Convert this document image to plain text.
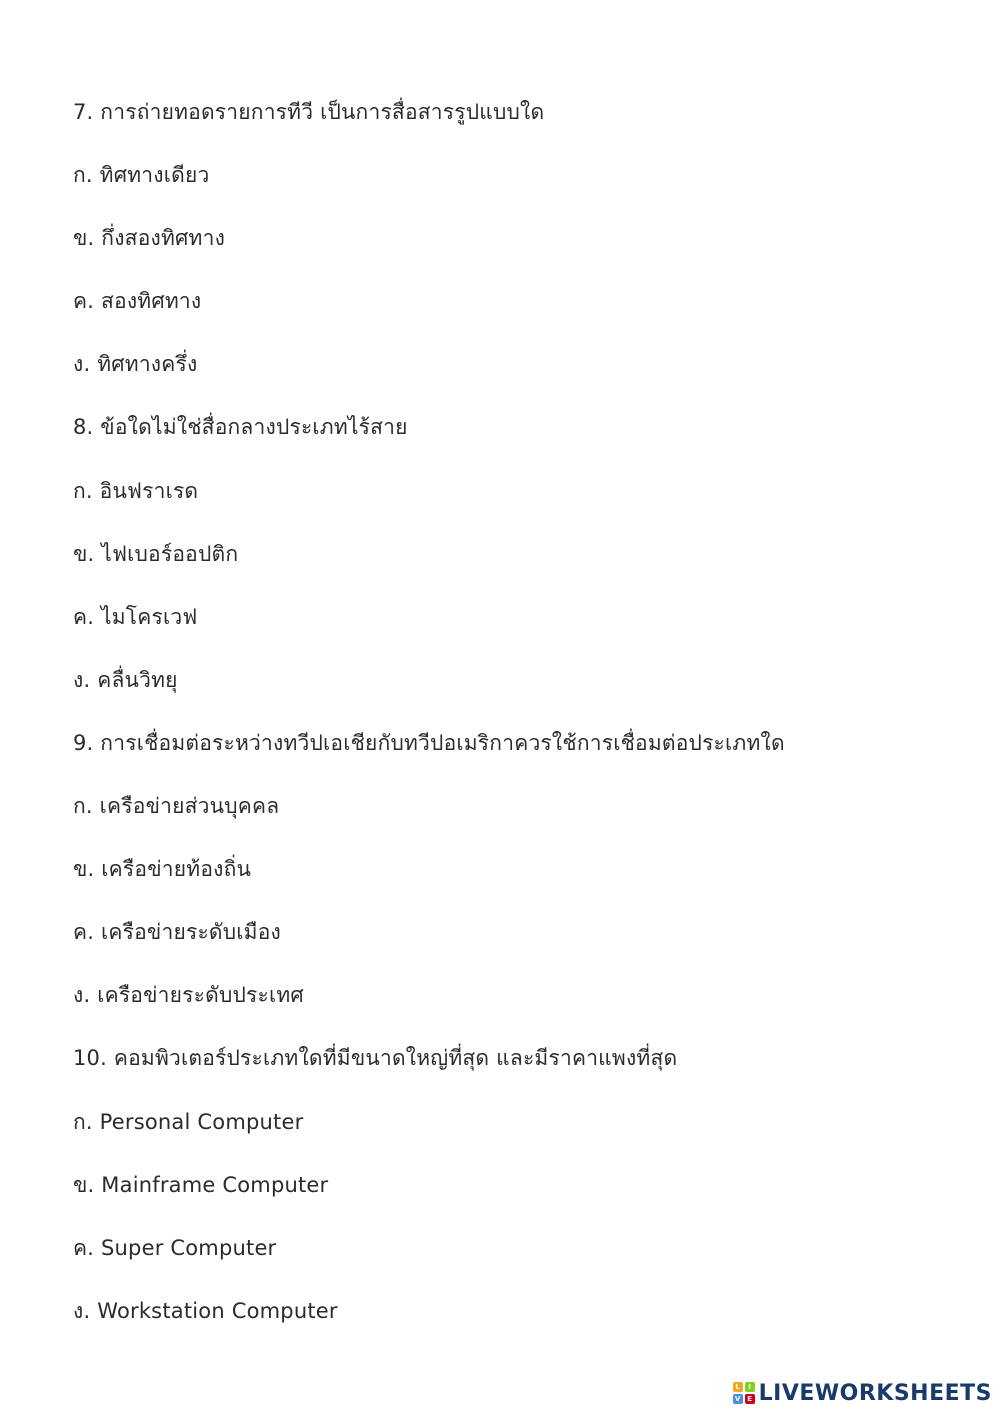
7. การถ่ายทอดรายการทีวี เป็นการสื่อสารรูปแบบใด
ก. ทิศทางเดียว
ข. กึ่งสองทิศทาง
ค. สองทิศทาง
ง. ทิศทางครึ่ง
8. ข้อใดไม่ใช่สื่อกลางประเภทไร้สาย
ก. อินฟราเรด
ข. ไฟเบอร์ออปติก
ค. ไมโครเวฟ
ง. คลื่นวิทยุ
9. การเชื่อมต่อระหว่างทวีปเอเชียกับทวีปอเมริกาควรใช้การเชื่อมต่อประเภทใด
ก. เครือข่ายส่วนบุคคล
ข. เครือข่ายท้องถิ่น
ค. เครือข่ายระดับเมือง
ง. เครือข่ายระดับประเทศ
10. คอมพิวเตอร์ประเภทใดที่มีขนาดใหญ่ที่สุด และมีราคาแพงที่สุด
ก. Personal Computer
ข. Mainframe Computer
ค. Super Computer
ง. Workstation Computer
L	I
V E LIVEWORKSHEETS
